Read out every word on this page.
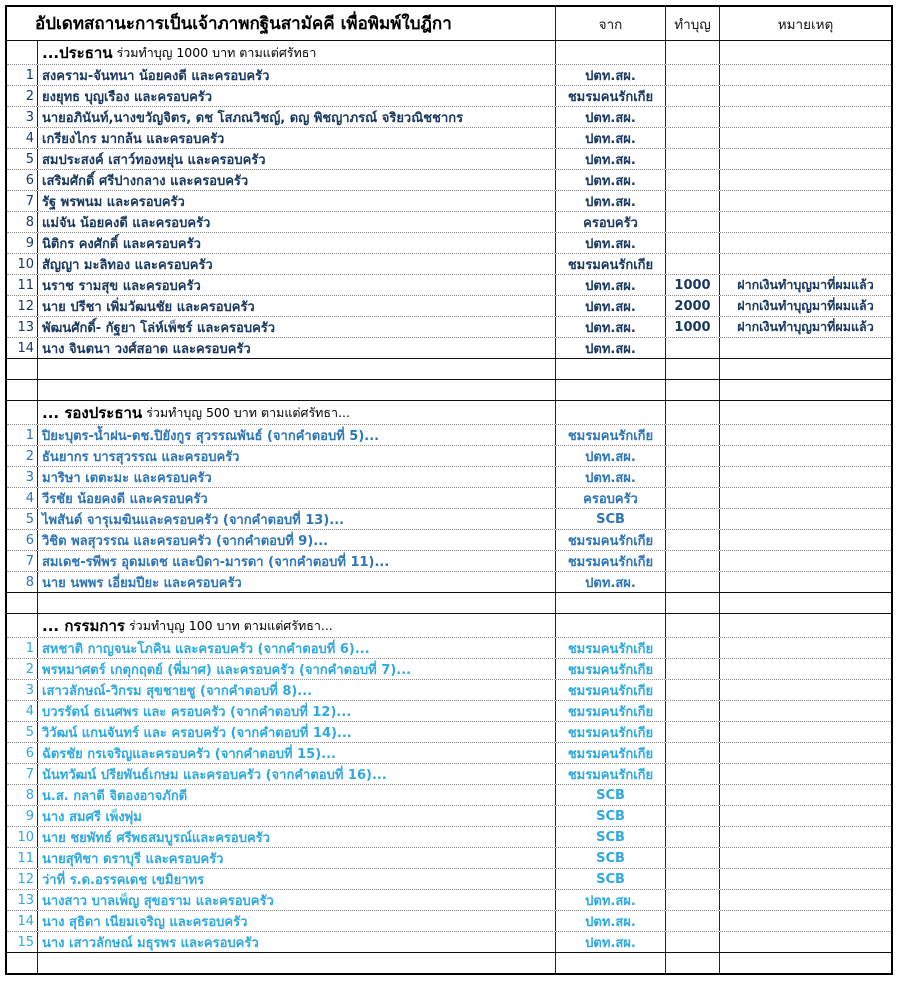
อัปเดทสถานะการเป็นเจ้าภาพกฐินสามัคคี เพื่อพิมพ์ใบฎีกา	จาก	ทำบุญ	หมายเหตุ
...ประธาน ร่วมทำบุญ 1000 บาท ตามแต่ศรัทธา
1 สงคราม-จันทนา น้อยคงดี และครอบครัว	ปตท.สผ.
2 ยงยุทธ บุญเรือง และครอบครัว	ชมรมคนรักเกีย
3 นายอภินันท์,นางขวัญจิตร, ดช โสภณวิชญ์, ดญ พิชญาภรณ์ จริยวณิชชากร	ปตท.สผ.
4 เกรียงไกร มากล้น และครอบครัว	ปตท.สผ.
5 สมประสงค์ เสาว์ทองหยุ่น และครอบครัว	ปตท.สผ.
6 เสริมศักดิ์ ศรีปางกลาง และครอบครัว	ปตท.สผ.
7 รัฐ พรพนม และครอบครัว	ปตท.สผ.
8 แม่จัน น้อยคงดี และครอบครัว	ครอบครัว
9 นิติกร คงศักดิ์ และครอบครัว	ปตท.สผ.
10 สัญญา มะลิทอง และครอบครัว	ชมรมคนรักเกีย
11 นราช รามสุข และครอบครัว	ปตท.สผ.	1000	ฝากเงินทำบุญมาที่ผมแล้ว
12 นาย ปรีชา เพิ่มวัฒนชัย และครอบครัว	ปตท.สผ.	2000	ฝากเงินทำบุญมาที่ผมแล้ว
13 พัฒนศักดิ์- กัฐยา โล่ห์เพ็ชร์ และครอบครัว	ปตท.สผ.	1000	ฝากเงินทำบุญมาที่ผมแล้ว
14 นาง จินตนา วงศ์สอาด และครอบครัว	ปตท.สผ.
... รองประธาน ร่วมทำบุญ 500 บาท ตามแต่ศรัทธา...
1 ปิยะบุตร-น้ำฝน-ดช.ปิยังกูร สุวรรณพันธ์ (จากคำตอบที่ 5)...	ชมรมคนรักเกีย
2 ธันยากร บารสุวรรณ และครอบครัว	ปตท.สผ.
3 มาริษา เตตะมะ และครอบครัว	ปตท.สผ.
4 วีรชัย น้อยคงดี และครอบครัว	ครอบครัว
5 ไพสันต์ จารุเมฆินและครอบครัว (จากคำตอบที่ 13)...	SCB
6 วิชิต พลสุวรรณ และครอบครัว (จากคำตอบที่ 9)...	ชมรมคนรักเกีย
7 สมเดช-รพีพร อุดมเดช และบิดา-มารดา (จากคำตอบที่ 11)...	ชมรมคนรักเกีย
8 นาย นพพร เอี่ยมปียะ และครอบครัว	ปตท.สผ.
... กรรมการ ร่วมทำบุญ 100 บาท ตามแต่ศรัทธา...
1 สหชาติ กาญจนะโภคิน และครอบครัว (จากคำตอบที่ 6)...	ชมรมคนรักเกีย
2 พรหมาศตร์ เกตุกฤตย์ (พี่มาศ) และครอบครัว (จากคำตอบที่ 7)...	ชมรมคนรักเกีย
3 เสาวลักษณ์-วิกรม สุขชายชู (จากคำตอบที่ 8)...	ชมรมคนรักเกีย
4 บวรรัตน์ ธเนศพร และ ครอบครัว (จากคำตอบที่ 12)...	ชมรมคนรักเกีย
5 วิวัฒน์ แกนจันทร์ และ ครอบครัว (จากคำตอบที่ 14)...	ชมรมคนรักเกีย
6 ฉัตรชัย กรเจริญและครอบครัว (จากคำตอบที่ 15)...	ชมรมคนรักเกีย
7 นันทวัฒน์ ปรียพันธ์เกษม และครอบครัว (จากคำตอบที่ 16)...	ชมรมคนรักเกีย
8 น.ส. กลาดี จิตองอาจภักดี	SCB
9 นาง สมศรี เพ็งพุ่ม	SCB
10 นาย ชยพัทธ์ ศรีพธสมบูรณ์และครอบครัว	SCB
11 นายสุทิชา ดราบุรี และครอบครัว	SCB
12 ว่าที่ ร.ด.อรรคเดช เขมิยาทร	SCB
13 นางสาว บาลเพ็ญ สุขอราม และครอบครัว	ปตท.สผ.
14 นาง สุธิดา เนียมเจริญ และครอบครัว	ปตท.สผ.
15 นาง เสาวลักษณ์ มธุรพร และครอบครัว	ปตท.สผ.
